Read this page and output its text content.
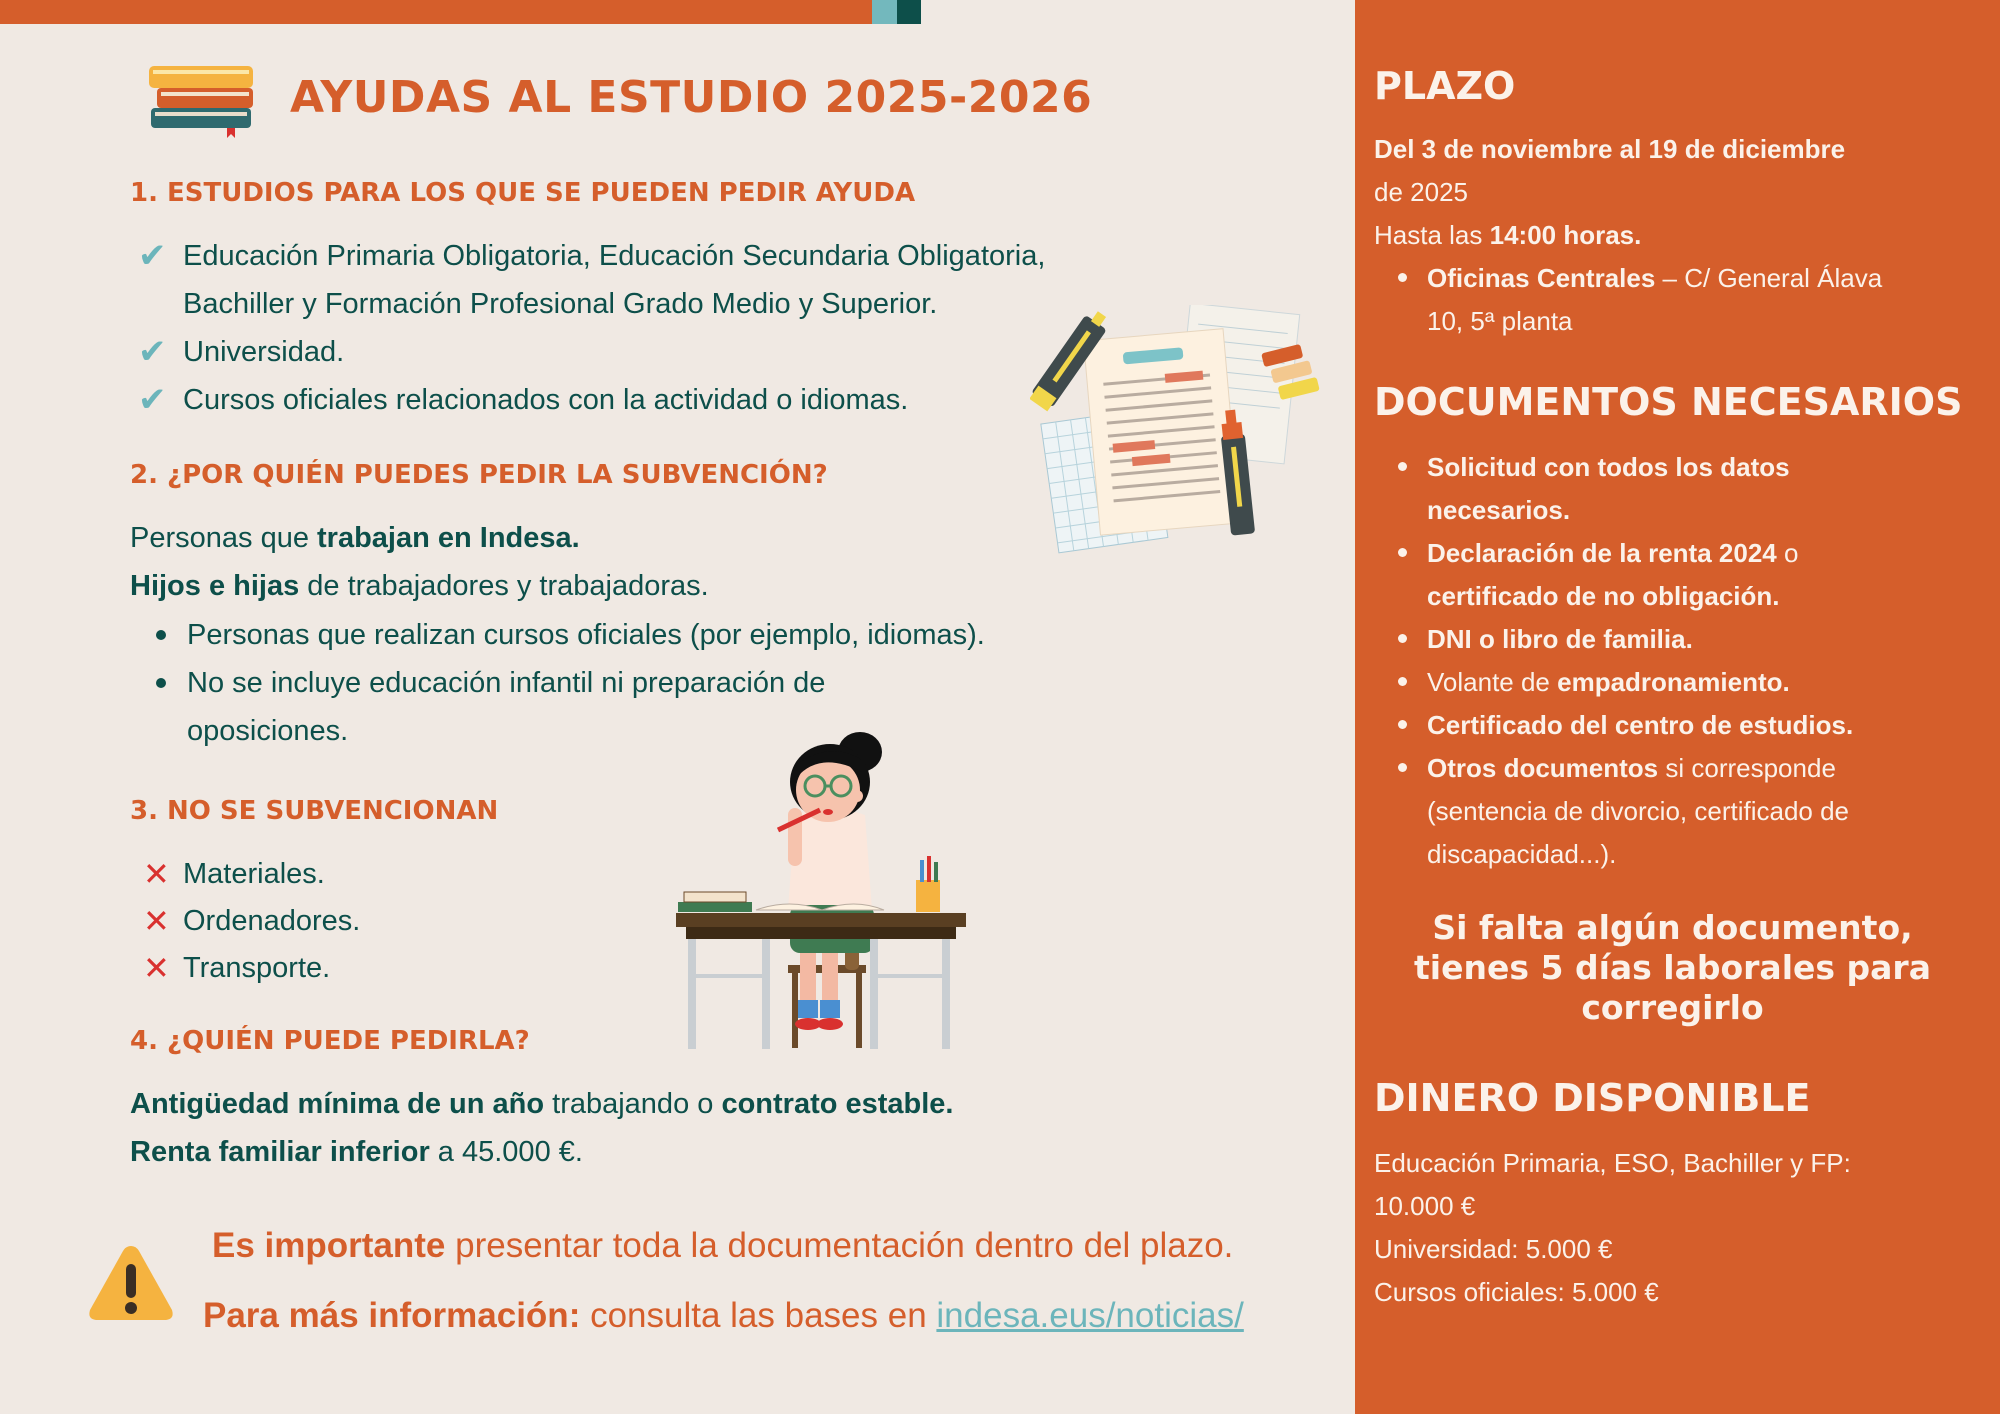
AYUDAS AL ESTUDIO 2025-2026
1. ESTUDIOS PARA LOS QUE SE PUEDEN PEDIR AYUDA
✔ Educación Primaria Obligatoria, Educación Secundaria Obligatoria,
Bachiller y Formación Profesional Grado Medio y Superior.
✔ Universidad.
✔ Cursos oficiales relacionados con la actividad o idiomas.
2. ¿POR QUIÉN PUEDES PEDIR LA SUBVENCIÓN?
Personas que trabajan en Indesa.
Hijos e hijas de trabajadores y trabajadoras.
Personas que realizan cursos oficiales (por ejemplo, idiomas).
No se incluye educación infantil ni preparación de
oposiciones.
3. NO SE SUBVENCIONAN
✕ Materiales.
✕ Ordenadores.
✕ Transporte.
4. ¿QUIÉN PUEDE PEDIRLA?
Antigüedad mínima de un año trabajando o contrato estable.
Renta familiar inferior a 45.000 €.
Es importante presentar toda la documentación dentro del plazo.
Para más información: consulta las bases en indesa.eus/noticias/
PLAZO
Del 3 de noviembre al 19 de diciembre
de 2025
Hasta las 14:00 horas.
Oficinas Centrales – C/ General Álava
10, 5ª planta
DOCUMENTOS NECESARIOS
Solicitud con todos los datos
necesarios.
Declaración de la renta 2024 o
certificado de no obligación.
DNI o libro de familia.
Volante de empadronamiento.
Certificado del centro de estudios.
Otros documentos si corresponde
(sentencia de divorcio, certificado de
discapacidad...).
Si falta algún documento, tienes 5 días laborales para corregirlo
DINERO DISPONIBLE
Educación Primaria, ESO, Bachiller y FP:
10.000 €
Universidad: 5.000 €
Cursos oficiales: 5.000 €
